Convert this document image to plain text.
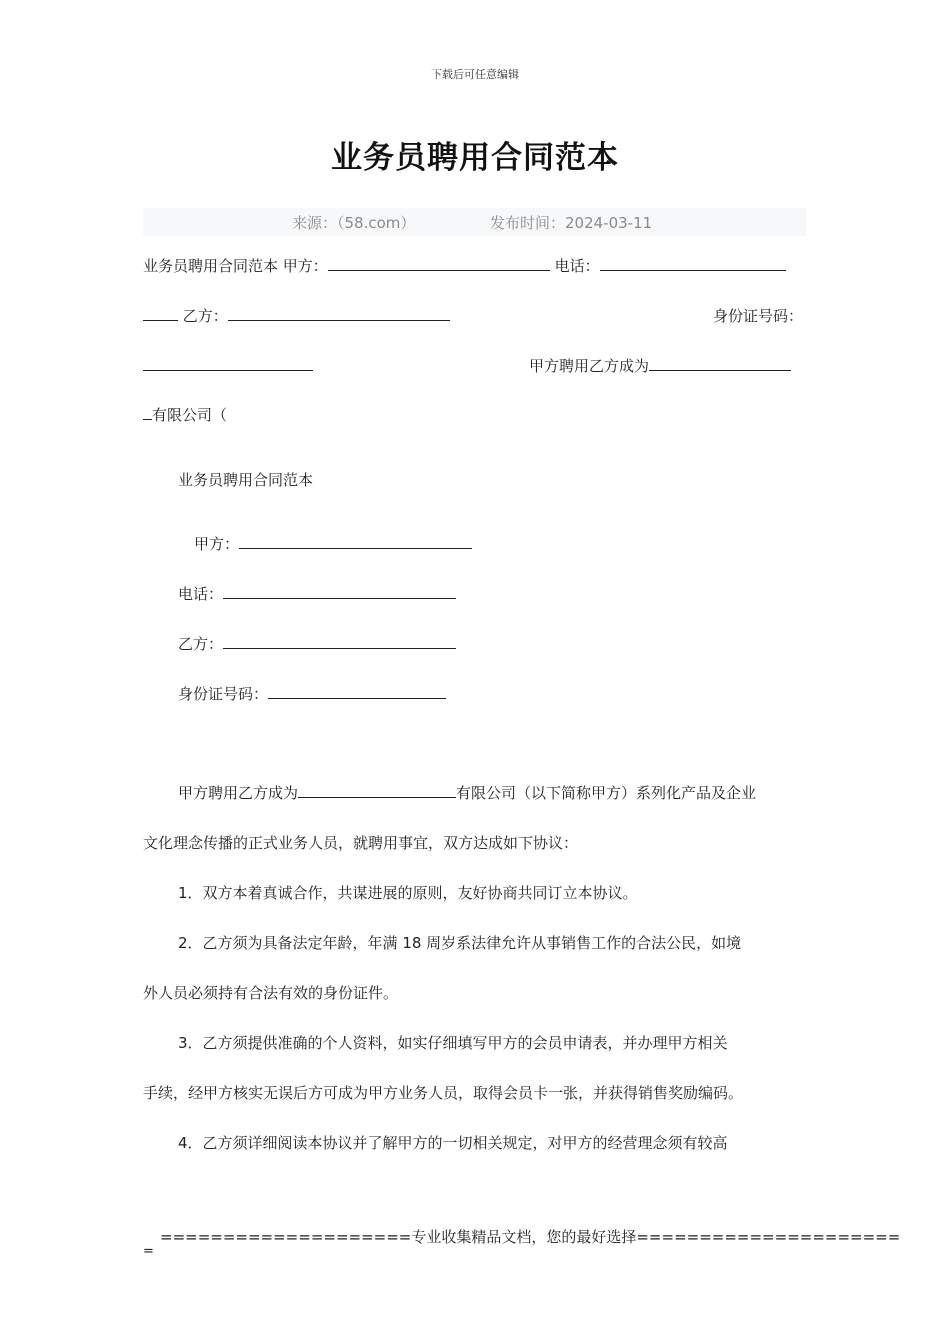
下载后可任意编辑
业务员聘用合同范本
来源：（58.com）	发布时间：2024-03-11
业务员聘用合同范本 甲方：	电话：
乙方：	身份证号码：
甲方聘用乙方成为
有限公司（
业务员聘用合同范本
甲方：
电话：
乙方：
身份证号码：
甲方聘用乙方成为	有限公司（以下简称甲方）系列化产品及企业
文化理念传播的正式业务人员，就聘用事宜，双方达成如下协议：
1．双方本着真诚合作，共谋进展的原则，友好协商共同订立本协议。
2．乙方须为具备法定年龄，年满 18 周岁系法律允许从事销售工作的合法公民，如境
外人员必须持有合法有效的身份证件。
3．乙方须提供准确的个人资料，如实仔细填写甲方的会员申请表，并办理甲方相关
手续，经甲方核实无误后方可成为甲方业务人员，取得会员卡一张，并获得销售奖励编码。
4．乙方须详细阅读本协议并了解甲方的一切相关规定，对甲方的经营理念须有较高
====================专业收集精品文档，您的最好选择=====================
=
